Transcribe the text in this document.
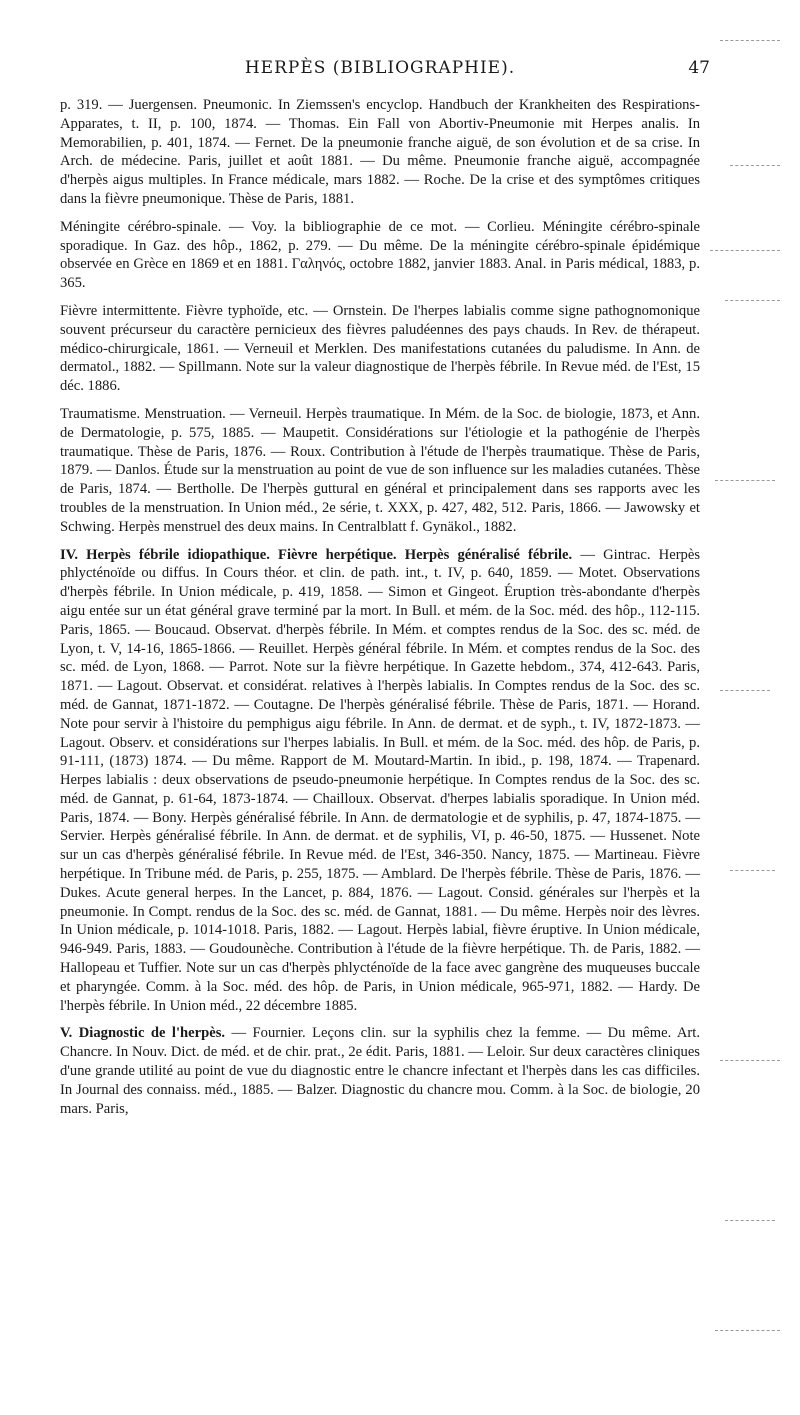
HERPÈS (BIBLIOGRAPHIE).	47

p. 319. — Juergensen. Pneumonic. In Ziemssen's encyclop. Handbuch der Krankheiten des Respirations-Apparates, t. II, p. 100, 1874. — Thomas. Ein Fall von Abortiv-Pneumonie mit Herpes analis. In Memorabilien, p. 401, 1874. — Fernet. De la pneumonie franche aiguë, de son évolution et de sa crise. In Arch. de médecine. Paris, juillet et août 1881. — Du même. Pneumonie franche aiguë, accompagnée d'herpès aigus multiples. In France médicale, mars 1882. — Roche. De la crise et des symptômes critiques dans la fièvre pneumonique. Thèse de Paris, 1881.

Méningite cérébro-spinale. — Voy. la bibliographie de ce mot. — Corlieu. Méningite cérébro-spinale sporadique. In Gaz. des hôp., 1862, p. 279. — Du même. De la méningite cérébro-spinale épidémique observée en Grèce en 1869 et en 1881. Γαληνός, octobre 1882, janvier 1883. Anal. in Paris médical, 1883, p. 365.

Fièvre intermittente. Fièvre typhoïde, etc. — Ornstein. De l'herpes labialis comme signe pathognomonique souvent précurseur du caractère pernicieux des fièvres paludéennes des pays chauds. In Rev. de thérapeut. médico-chirurgicale, 1861. — Verneuil et Merklen. Des manifestations cutanées du paludisme. In Ann. de dermatol., 1882. — Spillmann. Note sur la valeur diagnostique de l'herpès fébrile. In Revue méd. de l'Est, 15 déc. 1886.

Traumatisme. Menstruation. — Verneuil. Herpès traumatique. In Mém. de la Soc. de biologie, 1873, et Ann. de Dermatologie, p. 575, 1885. — Maupetit. Considérations sur l'étiologie et la pathogénie de l'herpès traumatique. Thèse de Paris, 1876. — Roux. Contribution à l'étude de l'herpès traumatique. Thèse de Paris, 1879. — Danlos. Étude sur la menstruation au point de vue de son influence sur les maladies cutanées. Thèse de Paris, 1874. — Bertholle. De l'herpès guttural en général et principalement dans ses rapports avec les troubles de la menstruation. In Union méd., 2e série, t. XXX, p. 427, 482, 512. Paris, 1866. — Jawowsky et Schwing. Herpès menstruel des deux mains. In Centralblatt f. Gynäkol., 1882.

IV. Herpès fébrile idiopathique. Fièvre herpétique. Herpès généralisé fébrile. — Gintrac. Herpès phlycténoïde ou diffus. In Cours théor. et clin. de path. int., t. IV, p. 640, 1859. — Motet. Observations d'herpès fébrile. In Union médicale, p. 419, 1858. — Simon et Gingeot. Éruption très-abondante d'herpès aigu entée sur un état général grave terminé par la mort. In Bull. et mém. de la Soc. méd. des hôp., 112-115. Paris, 1865. — Boucaud. Observat. d'herpès fébrile. In Mém. et comptes rendus de la Soc. des sc. méd. de Lyon, t. V, 14-16, 1865-1866. — Reuillet. Herpès général fébrile. In Mém. et comptes rendus de la Soc. des sc. méd. de Lyon, 1868. — Parrot. Note sur la fièvre herpétique. In Gazette hebdom., 374, 412-643. Paris, 1871. — Lagout. Observat. et considérat. relatives à l'herpès labialis. In Comptes rendus de la Soc. des sc. méd. de Gannat, 1871-1872. — Coutagne. De l'herpès généralisé fébrile. Thèse de Paris, 1871. — Horand. Note pour servir à l'histoire du pemphigus aigu fébrile. In Ann. de dermat. et de syph., t. IV, 1872-1873. — Lagout. Observ. et considérations sur l'herpes labialis. In Bull. et mém. de la Soc. méd. des hôp. de Paris, p. 91-111, (1873) 1874. — Du même. Rapport de M. Moutard-Martin. In ibid., p. 198, 1874. — Trapenard. Herpes labialis : deux observations de pseudo-pneumonie herpétique. In Comptes rendus de la Soc. des sc. méd. de Gannat, p. 61-64, 1873-1874. — Chailloux. Observat. d'herpes labialis sporadique. In Union méd. Paris, 1874. — Bony. Herpès généralisé fébrile. In Ann. de dermatologie et de syphilis, p. 47, 1874-1875. — Servier. Herpès généralisé fébrile. In Ann. de dermat. et de syphilis, VI, p. 46-50, 1875. — Hussenet. Note sur un cas d'herpès généralisé fébrile. In Revue méd. de l'Est, 346-350. Nancy, 1875. — Martineau. Fièvre herpétique. In Tribune méd. de Paris, p. 255, 1875. — Amblard. De l'herpès fébrile. Thèse de Paris, 1876. — Dukes. Acute general herpes. In the Lancet, p. 884, 1876. — Lagout. Consid. générales sur l'herpès et la pneumonie. In Compt. rendus de la Soc. des sc. méd. de Gannat, 1881. — Du même. Herpès noir des lèvres. In Union médicale, p. 1014-1018. Paris, 1882. — Lagout. Herpès labial, fièvre éruptive. In Union médicale, 946-949. Paris, 1883. — Goudounèche. Contribution à l'étude de la fièvre herpétique. Th. de Paris, 1882. — Hallopeau et Tuffier. Note sur un cas d'herpès phlycténoïde de la face avec gangrène des muqueuses buccale et pharyngée. Comm. à la Soc. méd. des hôp. de Paris, in Union médicale, 965-971, 1882. — Hardy. De l'herpès fébrile. In Union méd., 22 décembre 1885.

V. Diagnostic de l'herpès. — Fournier. Leçons clin. sur la syphilis chez la femme. — Du même. Art. Chancre. In Nouv. Dict. de méd. et de chir. prat., 2e édit. Paris, 1881. — Leloir. Sur deux caractères cliniques d'une grande utilité au point de vue du diagnostic entre le chancre infectant et l'herpès dans les cas difficiles. In Journal des connaiss. méd., 1885. — Balzer. Diagnostic du chancre mou. Comm. à la Soc. de biologie, 20 mars. Paris,
